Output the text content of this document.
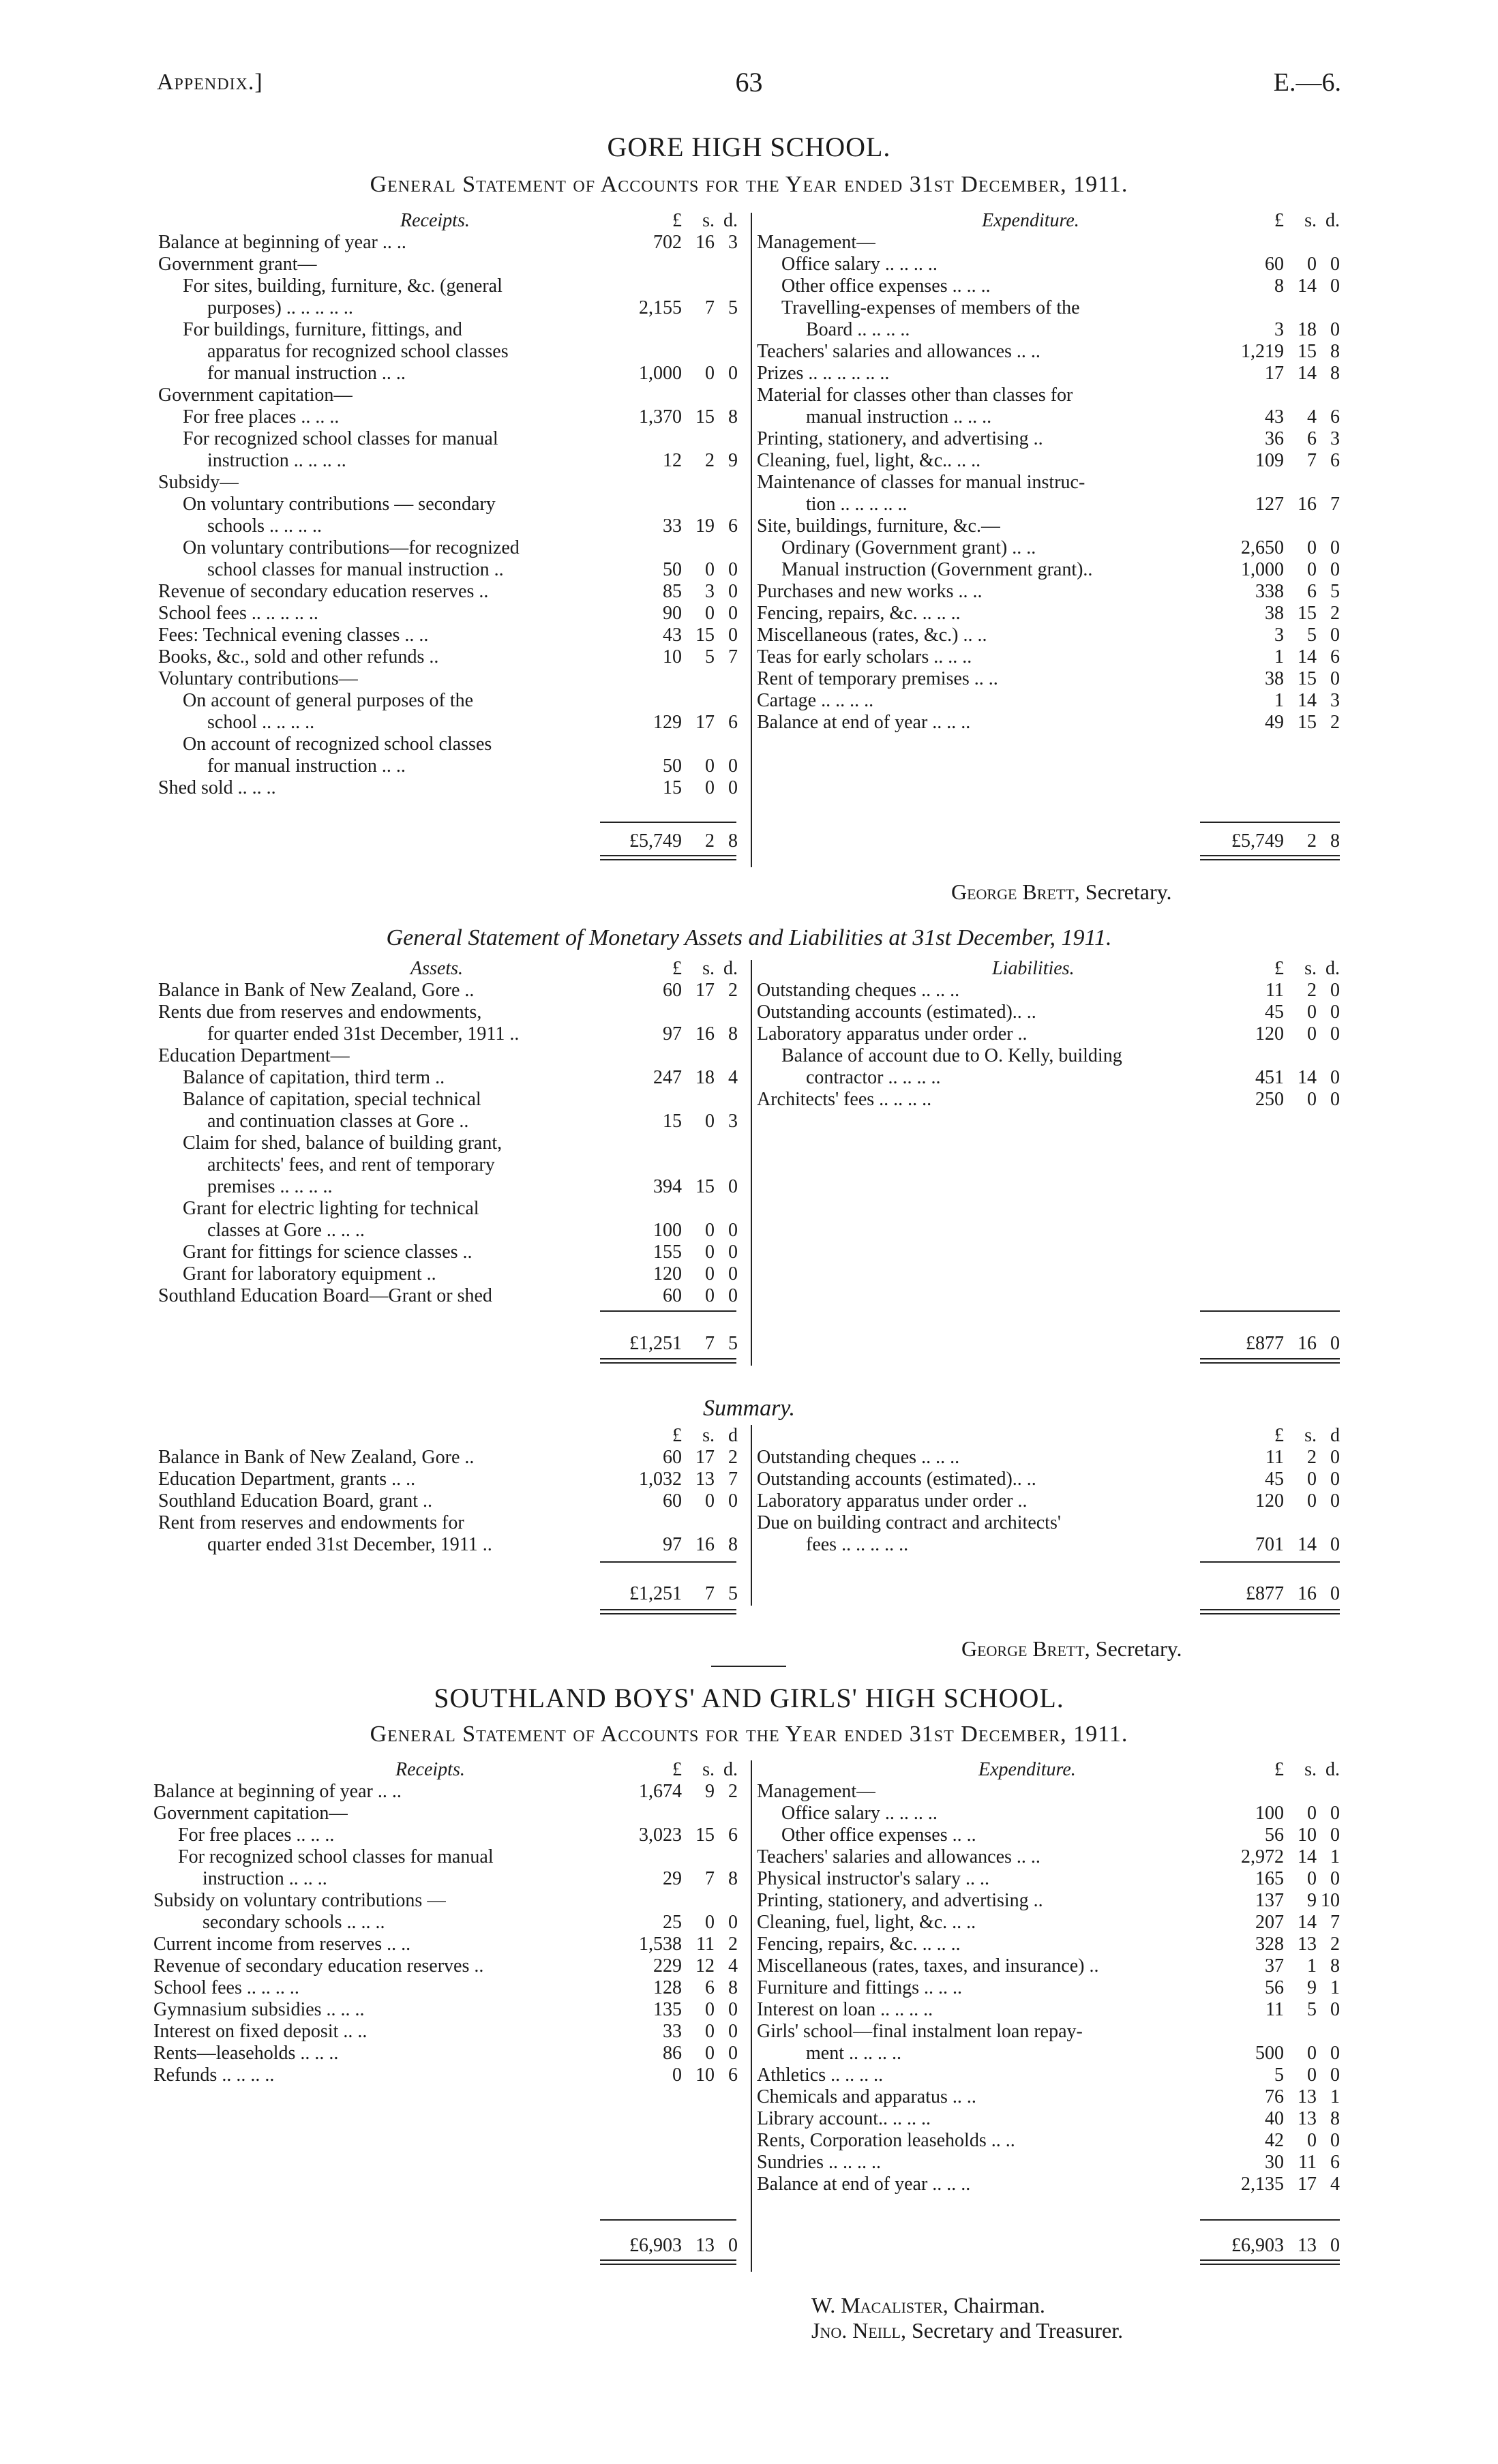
Appendix.]	63	E.—6.
GORE HIGH SCHOOL.
General Statement of Accounts for the Year ended 31st December, 1911.
Receipts.	£ s. d.
Balance at beginning of year .. ..	702 16 3
Government grant—
For sites, building, furniture, &c. (general
purposes) .. .. .. .. ..	2,155 7 5
For buildings, furniture, fittings, and
apparatus for recognized school classes
for manual instruction .. ..	1,000 0 0
Government capitation—
For free places .. .. ..	1,370 15 8
For recognized school classes for manual
instruction .. .. .. ..	12 2 9
Subsidy—
On voluntary contributions — secondary
schools .. .. .. ..	33 19 6
On voluntary contributions—for recognized
school classes for manual instruction ..	50 0 0
Revenue of secondary education reserves ..	85 3 0
School fees .. .. .. .. ..	90 0 0
Fees: Technical evening classes .. ..	43 15 0
Books, &c., sold and other refunds ..	10 5 7
Voluntary contributions—
On account of general purposes of the
school .. .. .. ..	129 17 6
On account of recognized school classes
for manual instruction .. ..	50 0 0
Shed sold .. .. ..	15 0 0
Expenditure.	£ s. d.
Management—
Office salary .. .. .. ..	60 0 0
Other office expenses .. .. ..	8 14 0
Travelling-expenses of members of the
Board .. .. .. ..	3 18 0
Teachers' salaries and allowances .. ..	1,219 15 8
Prizes .. .. .. .. .. ..	17 14 8
Material for classes other than classes for
manual instruction .. .. ..	43 4 6
Printing, stationery, and advertising ..	36 6 3
Cleaning, fuel, light, &c.. .. ..	109 7 6
Maintenance of classes for manual instruc-
tion .. .. .. .. ..	127 16 7
Site, buildings, furniture, &c.—
Ordinary (Government grant) .. ..	2,650 0 0
Manual instruction (Government grant)..	1,000 0 0
Purchases and new works .. ..	338 6 5
Fencing, repairs, &c. .. .. ..	38 15 2
Miscellaneous (rates, &c.) .. ..	3 5 0
Teas for early scholars .. .. ..	1 14 6
Rent of temporary premises .. ..	38 15 0
Cartage .. .. .. ..	1 14 3
Balance at end of year .. .. ..	49 15 2
£5,749 2 8	£5,749 2 8
George Brett, Secretary.
General Statement of Monetary Assets and Liabilities at 31st December, 1911.
Assets.	£ s. d.
Balance in Bank of New Zealand, Gore ..	60 17 2
Rents due from reserves and endowments,
for quarter ended 31st December, 1911 ..	97 16 8
Education Department—
Balance of capitation, third term ..	247 18 4
Balance of capitation, special technical
and continuation classes at Gore ..	15 0 3
Claim for shed, balance of building grant,
architects' fees, and rent of temporary
premises .. .. .. ..	394 15 0
Grant for electric lighting for technical
classes at Gore .. .. ..	100 0 0
Grant for fittings for science classes ..	155 0 0
Grant for laboratory equipment ..	120 0 0
Southland Education Board—Grant or shed	60 0 0
Liabilities.	£ s. d.
Outstanding cheques .. .. ..	11 2 0
Outstanding accounts (estimated).. ..	45 0 0
Laboratory apparatus under order ..	120 0 0
Balance of account due to O. Kelly, building
contractor .. .. .. ..	451 14 0
Architects' fees .. .. .. ..	250 0 0
£1,251 7 5	£877 16 0
Summary.
£ s. d
Balance in Bank of New Zealand, Gore ..	60 17 2
Education Department, grants .. ..	1,032 13 7
Southland Education Board, grant ..	60 0 0
Rent from reserves and endowments for
quarter ended 31st December, 1911 ..	97 16 8
£ s. d
Outstanding cheques .. .. ..	11 2 0
Outstanding accounts (estimated).. ..	45 0 0
Laboratory apparatus under order ..	120 0 0
Due on building contract and architects'
fees .. .. .. .. ..	701 14 0
£1,251 7 5	£877 16 0
George Brett, Secretary.
SOUTHLAND BOYS' AND GIRLS' HIGH SCHOOL.
General Statement of Accounts for the Year ended 31st December, 1911.
Receipts.	£ s. d.
Balance at beginning of year .. ..	1,674 9 2
Government capitation—
For free places .. .. ..	3,023 15 6
For recognized school classes for manual
instruction .. .. ..	29 7 8
Subsidy on voluntary contributions —
secondary schools .. .. ..	25 0 0
Current income from reserves .. ..	1,538 11 2
Revenue of secondary education reserves ..	229 12 4
School fees .. .. .. ..	128 6 8
Gymnasium subsidies .. .. ..	135 0 0
Interest on fixed deposit .. ..	33 0 0
Rents—leaseholds .. .. ..	86 0 0
Refunds .. .. .. ..	0 10 6
Expenditure.	£ s. d.
Management—
Office salary .. .. .. ..	100 0 0
Other office expenses .. ..	56 10 0
Teachers' salaries and allowances .. ..	2,972 14 1
Physical instructor's salary .. ..	165 0 0
Printing, stationery, and advertising ..	137 9 10
Cleaning, fuel, light, &c. .. ..	207 14 7
Fencing, repairs, &c. .. .. ..	328 13 2
Miscellaneous (rates, taxes, and insurance) ..	37 1 8
Furniture and fittings .. .. ..	56 9 1
Interest on loan .. .. .. ..	11 5 0
Girls' school—final instalment loan repay-
ment .. .. .. ..	500 0 0
Athletics .. .. .. ..	5 0 0
Chemicals and apparatus .. ..	76 13 1
Library account.. .. .. ..	40 13 8
Rents, Corporation leaseholds .. ..	42 0 0
Sundries .. .. .. ..	30 11 6
Balance at end of year .. .. ..	2,135 17 4
£6,903 13 0	£6,903 13 0
W. Macalister, Chairman.
Jno. Neill, Secretary and Treasurer.
